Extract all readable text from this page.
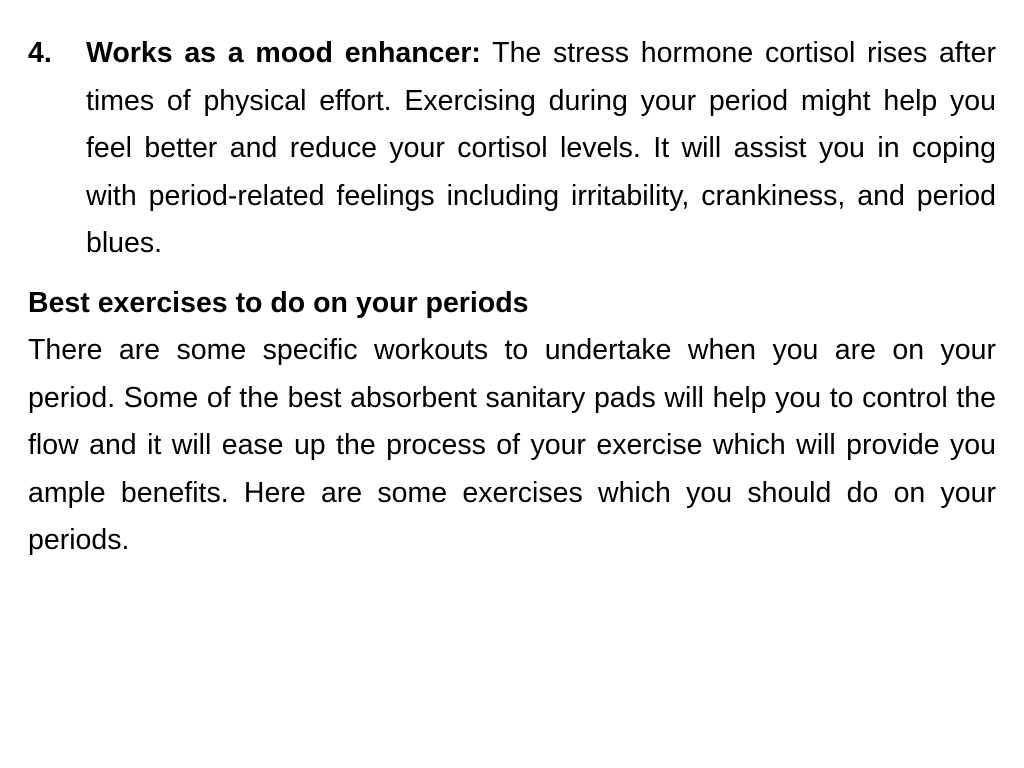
4. Works as a mood enhancer: The stress hormone cortisol rises after times of physical effort. Exercising during your period might help you feel better and reduce your cortisol levels. It will assist you in coping with period-related feelings including irritability, crankiness, and period blues.
Best exercises to do on your periods
There are some specific workouts to undertake when you are on your period. Some of the best absorbent sanitary pads will help you to control the flow and it will ease up the process of your exercise which will provide you ample benefits. Here are some exercises which you should do on your periods.
